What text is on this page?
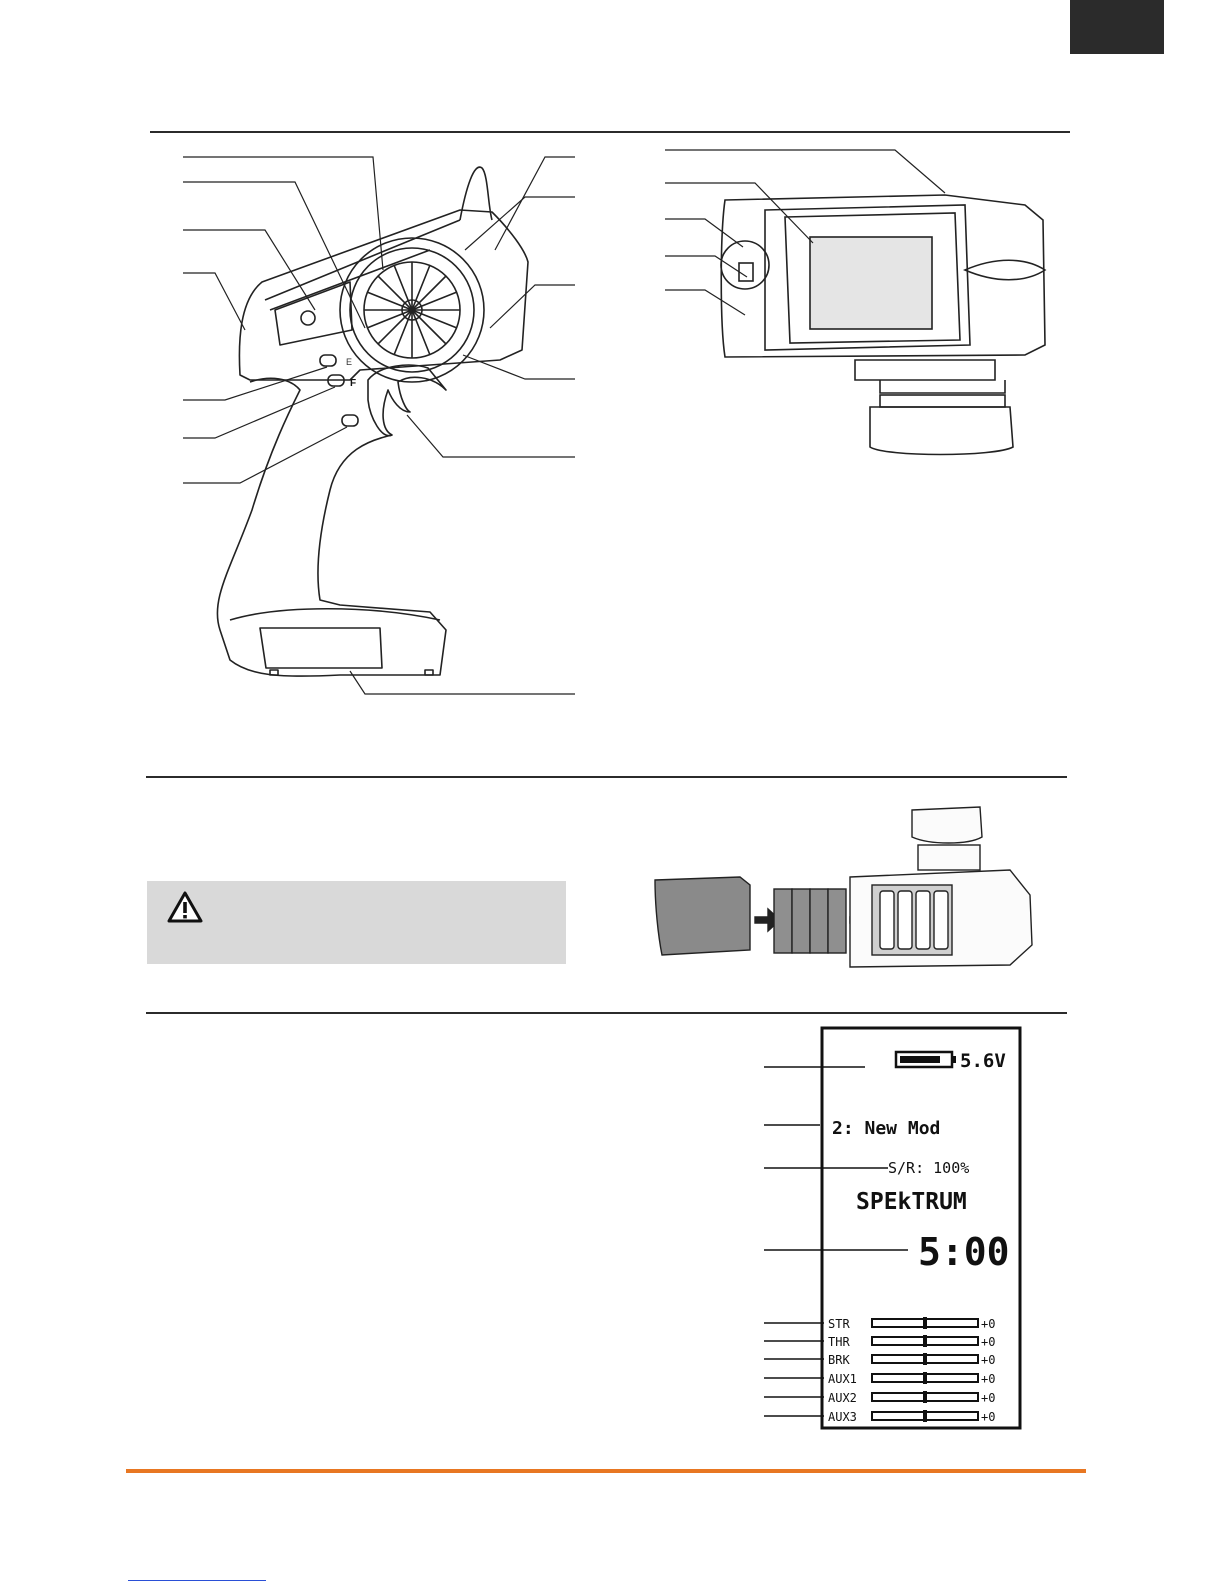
E
F
5.6V
2: New Mod
S/R: 100%
SPEkTRUM
5:00
STR	+0
THR	+0
BRK	+0
AUX1	+0
AUX2	+0
AUX3	+0
